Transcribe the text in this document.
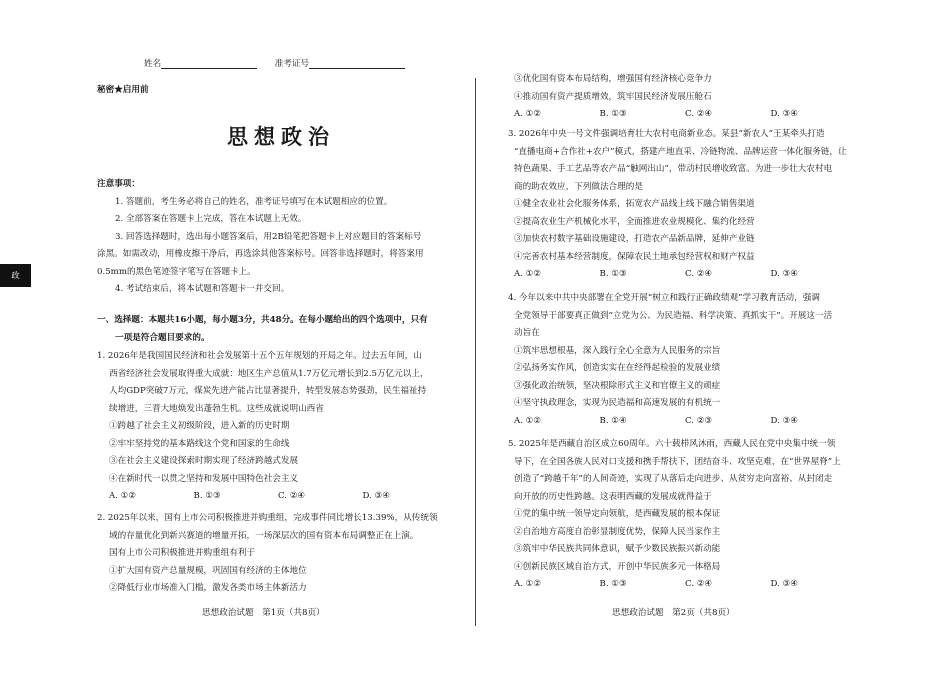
政
姓名	准考证号
秘密★启用前
思想政治
注意事项：
1. 答题前，考生务必将自己的姓名，准考证号填写在本试题相应的位置。
2. 全部答案在答题卡上完成，答在本试题上无效。
3. 回答选择题时，选出每小题答案后，用2B铅笔把答题卡上对应题目的答案标号
涂黑。如需改动，用橡皮擦干净后，再选涂其他答案标号。回答非选择题时，将答案用
0.5mm的黑色笔迹签字笔写在答题卡上。
4. 考试结束后，将本试题和答题卡一并交回。
一、选择题：本题共16小题，每小题3分，共48分。在每小题给出的四个选项中，只有
一项是符合题目要求的。
1. 2026年是我国国民经济和社会发展第十五个五年规划的开局之年。过去五年间，山
西省经济社会发展取得重大成就：地区生产总值从1.7万亿元增长到2.5万亿元以上，
人均GDP突破7万元，煤炭先进产能占比显著提升，转型发展态势强劲，民生福祉持
续增进，三晋大地焕发出蓬勃生机。这些成就说明山西省
①跨越了社会主义初级阶段，进入新的历史时期
②牢牢坚持党的基本路线这个党和国家的生命线
③在社会主义建设探索时期实现了经济跨越式发展
④在新时代一以贯之坚持和发展中国特色社会主义
A. ①②	B. ①③	C. ②④	D. ③④
2. 2025年以来，国有上市公司积极推进并购重组，完成事件同比增长13.39%，从传统领
域的存量优化到新兴赛道的增量开拓，一场深层次的国有资本布局调整正在上演。
国有上市公司积极推进并购重组有利于
①扩大国有资产总量规模，巩固国有经济的主体地位
②降低行业市场准入门槛，激发各类市场主体新活力
思想政治试题　第1页（共8页）
③优化国有资本布局结构，增强国有经济核心竞争力
④推动国有资产提质增效，筑牢国民经济发展压舱石
A. ①②	B. ①③	C. ②④	D. ③④
3. 2026年中央一号文件强调培育壮大农村电商新业态。某县“新农人”王某牵头打造
“直播电商+合作社+农户”模式，搭建产地直采、冷链物流、品牌运营一体化服务链，让
特色蔬果、手工艺品等农产品“触网出山”，带动村民增收致富。为进一步壮大农村电
商的助农效应，下列做法合理的是
①健全农业社会化服务体系，拓宽农产品线上线下融合销售渠道
②提高农业生产机械化水平，全面推进农业规模化、集约化经营
③加快农村数字基础设施建设，打造农产品新品牌，延伸产业链
④完善农村基本经营制度，保障农民土地承包经营权和财产权益
A. ①②	B. ①③	C. ②④	D. ③④
4. 今年以来中共中央部署在全党开展“树立和践行正确政绩观”学习教育活动，强调
全党领导干部要真正做到“立党为公、为民造福、科学决策、真抓实干”。开展这一活
动旨在
①筑牢思想根基，深入践行全心全意为人民服务的宗旨
②弘扬务实作风，创造实实在在经得起检验的发展业绩
③强化政治统领，坚决根除形式主义和官僚主义的顽症
④坚守执政理念，实现为民造福和高速发展的有机统一
A. ①②	B. ①④	C. ②③	D. ③④
5. 2025年是西藏自治区成立60周年。六十载栉风沐雨，西藏人民在党中央集中统一领
导下，在全国各族人民对口支援和携手帮扶下，团结奋斗、攻坚克难，在“世界屋脊”上
创造了“跨越千年”的人间奇迹，实现了从落后走向进步、从贫穷走向富裕、从封闭走
向开放的历史性跨越。这表明西藏的发展成就得益于
①党的集中统一领导定向领航，是西藏发展的根本保证
②自治地方高度自治彰显制度优势，保障人民当家作主
③筑牢中华民族共同体意识，赋予少数民族振兴新动能
④创新民族区域自治方式，开创中华民族多元一体格局
A. ①②	B. ①③	C. ②④	D. ③④
思想政治试题　第2页（共8页）
